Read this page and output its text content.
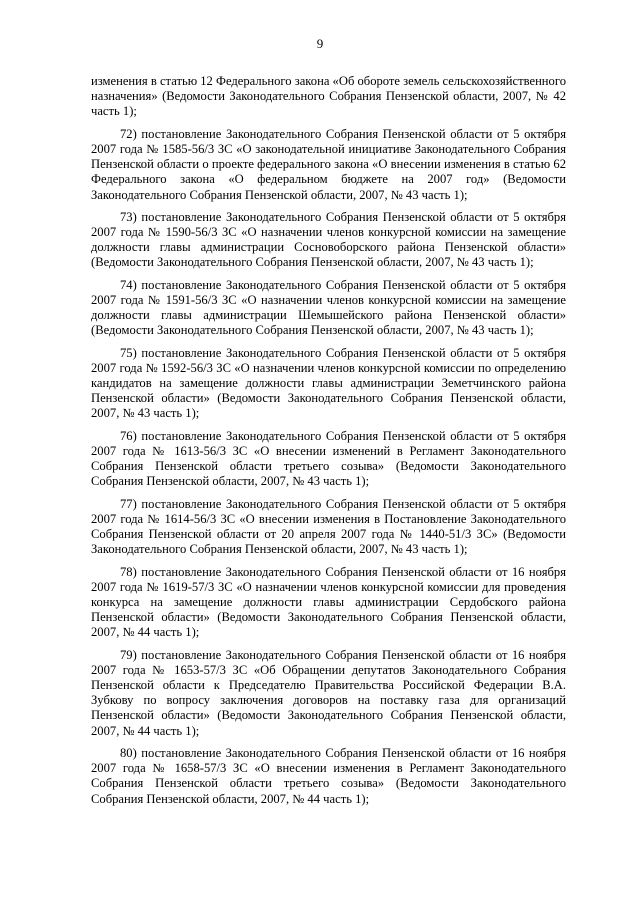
9

изменения в статью 12 Федерального закона «Об обороте земель сельскохозяйственного назначения» (Ведомости Законодательного Собрания Пензенской области, 2007, № 42 часть 1);

72) постановление Законодательного Собрания Пензенской области от 5 октября 2007 года № 1585-56/3 ЗС «О законодательной инициативе Законодательного Собрания Пензенской области о проекте федерального закона «О внесении изменения в статью 62 Федерального закона «О федеральном бюджете на 2007 год» (Ведомости Законодательного Собрания Пензенской области, 2007, № 43 часть 1);

73) постановление Законодательного Собрания Пензенской области от 5 октября 2007 года № 1590-56/3 ЗС «О назначении членов конкурсной комиссии на замещение должности главы администрации Сосновоборского района Пензенской области» (Ведомости Законодательного Собрания Пензенской области, 2007, № 43 часть 1);

74) постановление Законодательного Собрания Пензенской области от 5 октября 2007 года № 1591-56/3 ЗС «О назначении членов конкурсной комиссии на замещение должности главы администрации Шемышейского района Пензенской области» (Ведомости Законодательного Собрания Пензенской области, 2007, № 43 часть 1);

75) постановление Законодательного Собрания Пензенской области от 5 октября 2007 года № 1592-56/3 ЗС «О назначении членов конкурсной комиссии по определению кандидатов на замещение должности главы администрации Земетчинского района Пензенской области» (Ведомости Законодательного Собрания Пензенской области, 2007, № 43 часть 1);

76) постановление Законодательного Собрания Пензенской области от 5 октября 2007 года № 1613-56/3 ЗС «О внесении изменений в Регламент Законодательного Собрания Пензенской области третьего созыва» (Ведомости Законодательного Собрания Пензенской области, 2007, № 43 часть 1);

77) постановление Законодательного Собрания Пензенской области от 5 октября 2007 года № 1614-56/3 ЗС «О внесении изменения в Постановление Законодательного Собрания Пензенской области от 20 апреля 2007 года № 1440-51/3 ЗС» (Ведомости Законодательного Собрания Пензенской области, 2007, № 43 часть 1);

78) постановление Законодательного Собрания Пензенской области от 16 ноября 2007 года № 1619-57/3 ЗС «О назначении членов конкурсной комиссии для проведения конкурса на замещение должности главы администрации Сердобского района Пензенской области» (Ведомости Законодательного Собрания Пензенской области, 2007, № 44 часть 1);

79) постановление Законодательного Собрания Пензенской области от 16 ноября 2007 года № 1653-57/3 ЗС «Об Обращении депутатов Законодательного Собрания Пензенской области к Председателю Правительства Российской Федерации В.А. Зубкову по вопросу заключения договоров на поставку газа для организаций Пензенской области» (Ведомости Законодательного Собрания Пензенской области, 2007, № 44 часть 1);

80) постановление Законодательного Собрания Пензенской области от 16 ноября 2007 года № 1658-57/3 ЗС «О внесении изменения в Регламент Законодательного Собрания Пензенской области третьего созыва» (Ведомости Законодательного Собрания Пензенской области, 2007, № 44 часть 1);
